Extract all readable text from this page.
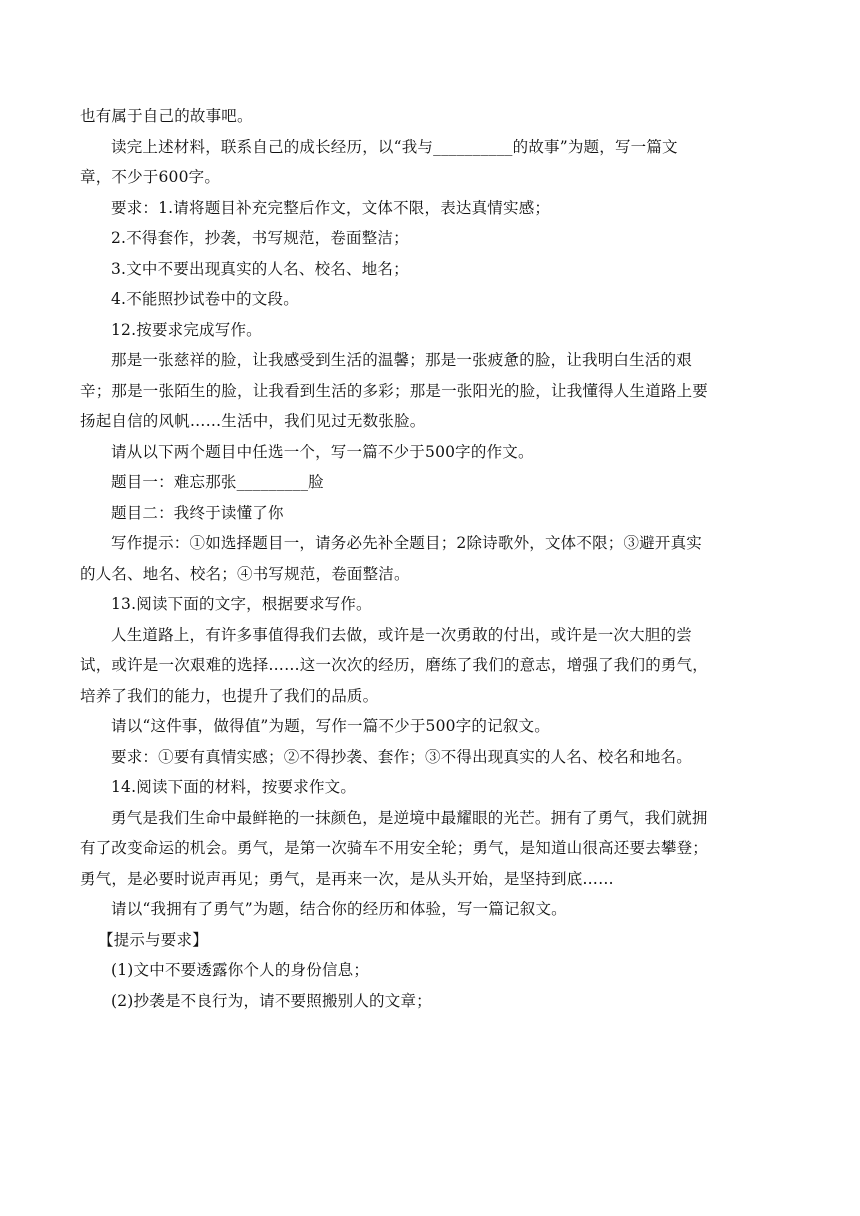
也有属于自己的故事吧。
读完上述材料，联系自己的成长经历，以“我与__________的故事”为题，写一篇文
章，不少于600字。
要求：1.请将题目补充完整后作文，文体不限，表达真情实感；
2.不得套作，抄袭，书写规范，卷面整洁；
3.文中不要出现真实的人名、校名、地名；
4.不能照抄试卷中的文段。
12.按要求完成写作。
那是一张慈祥的脸，让我感受到生活的温馨；那是一张疲惫的脸，让我明白生活的艰
辛；那是一张陌生的脸，让我看到生活的多彩；那是一张阳光的脸，让我懂得人生道路上要
扬起自信的风帆……生活中，我们见过无数张脸。
请从以下两个题目中任选一个，写一篇不少于500字的作文。
题目一：难忘那张_________脸
题目二：我终于读懂了你
写作提示：①如选择题目一，请务必先补全题目；2除诗歌外，文体不限；③避开真实
的人名、地名、校名；④书写规范，卷面整洁。
13.阅读下面的文字，根据要求写作。
人生道路上，有许多事值得我们去做，或许是一次勇敢的付出，或许是一次大胆的尝
试，或许是一次艰难的选择……这一次次的经历，磨练了我们的意志，增强了我们的勇气，
培养了我们的能力，也提升了我们的品质。
请以“这件事，做得值”为题，写作一篇不少于500字的记叙文。
要求：①要有真情实感；②不得抄袭、套作；③不得出现真实的人名、校名和地名。
14.阅读下面的材料，按要求作文。
勇气是我们生命中最鲜艳的一抹颜色，是逆境中最耀眼的光芒。拥有了勇气，我们就拥
有了改变命运的机会。勇气，是第一次骑车不用安全轮；勇气，是知道山很高还要去攀登；
勇气，是必要时说声再见；勇气，是再来一次，是从头开始，是坚持到底……
请以“我拥有了勇气”为题，结合你的经历和体验，写一篇记叙文。
【提示与要求】
(1)文中不要透露你个人的身份信息；
(2)抄袭是不良行为，请不要照搬别人的文章；
